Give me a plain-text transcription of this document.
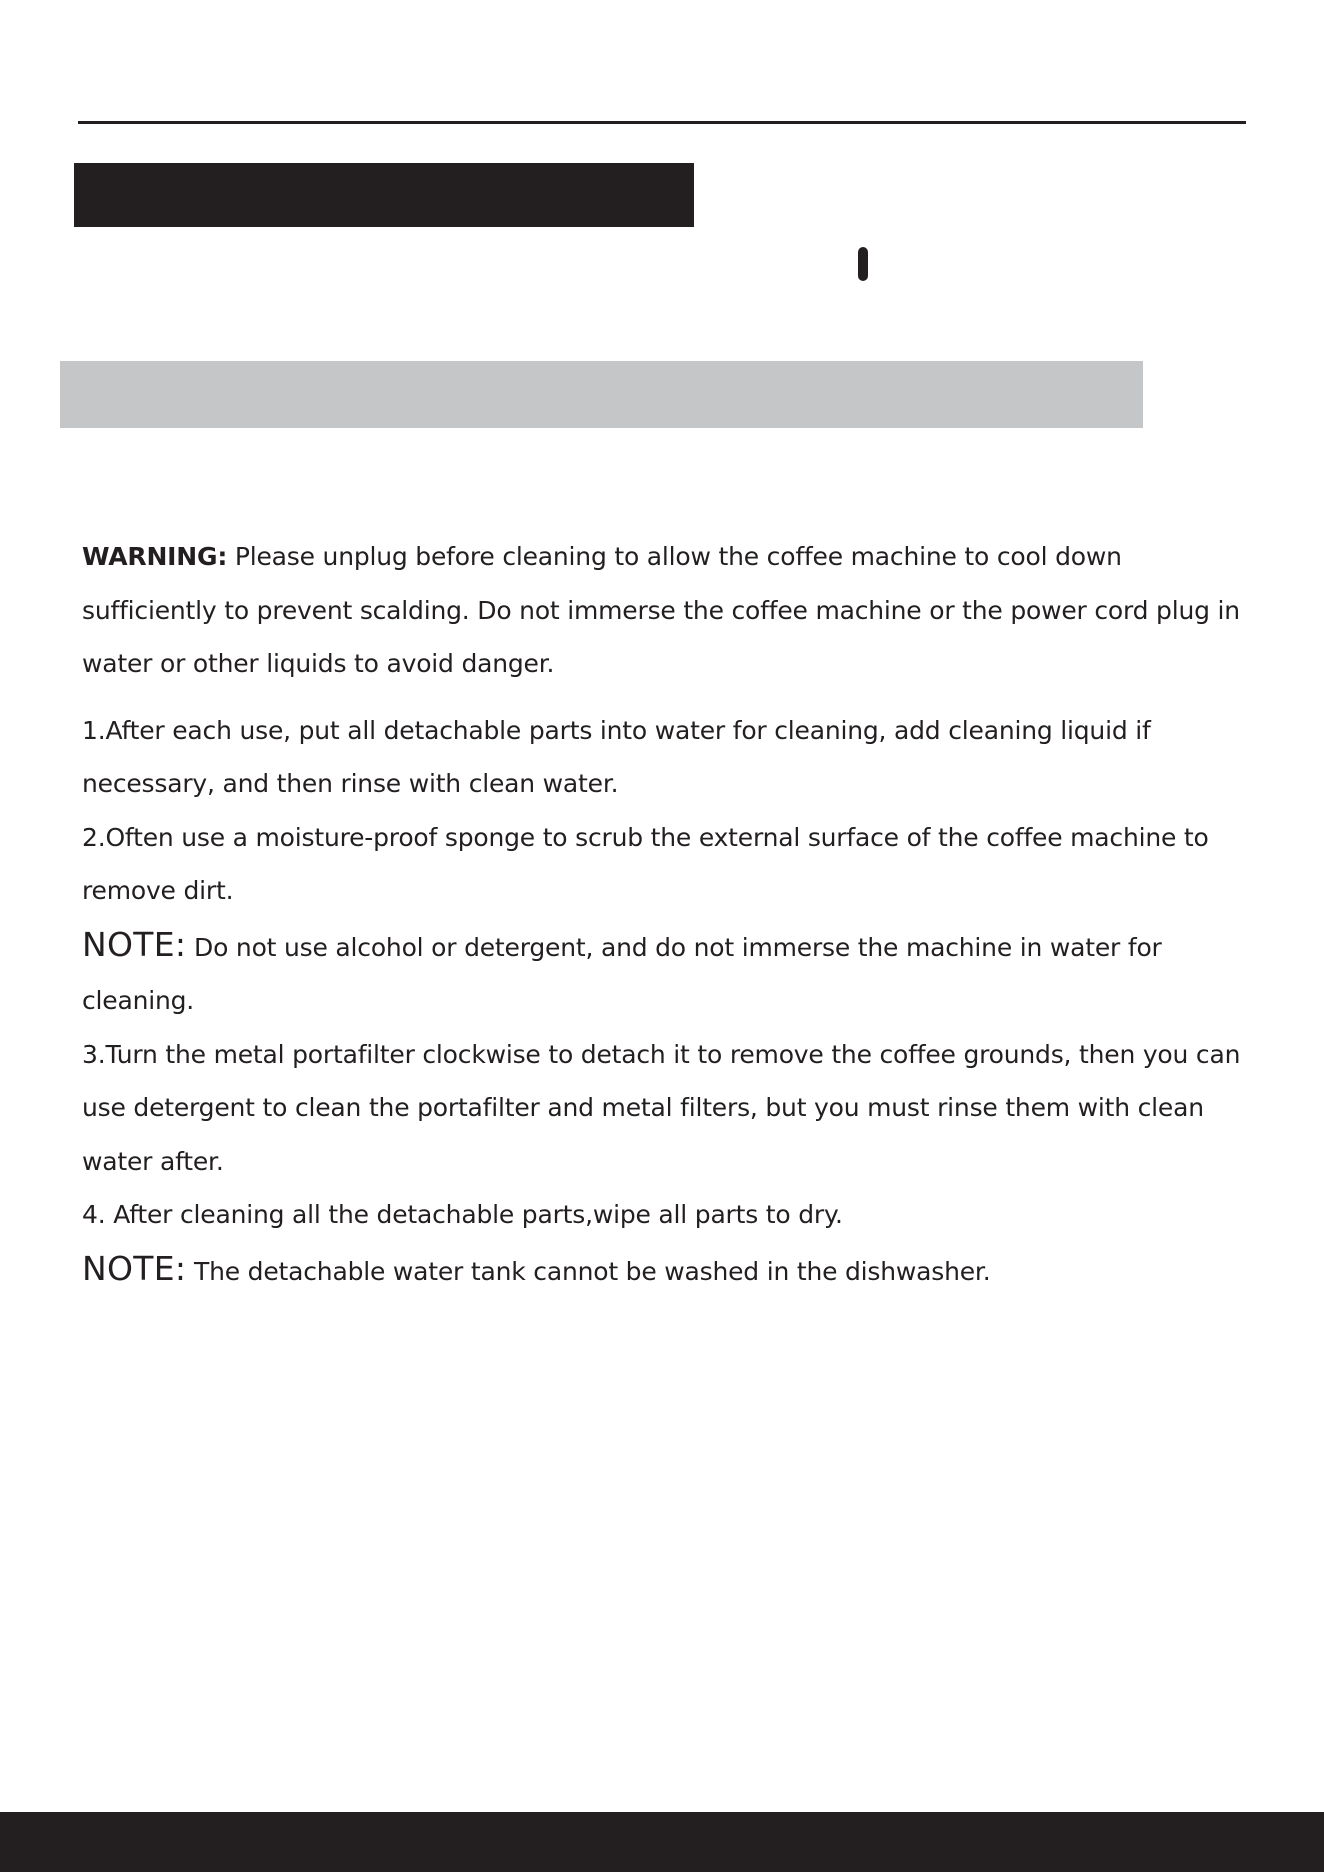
WARNING: Please unplug before cleaning to allow the coffee machine to cool down sufficiently to prevent scalding. Do not immerse the coffee machine or the power cord plug in water or other liquids to avoid danger.

1.After each use, put all detachable parts into water for cleaning, add cleaning liquid if necessary, and then rinse with clean water.

2.Often use a moisture-proof sponge to scrub the external surface of the coffee machine to remove dirt.

NOTE: Do not use alcohol or detergent, and do not immerse the machine in water for cleaning.

3.Turn the metal portafilter clockwise to detach it to remove the coffee grounds, then you can use detergent to clean the portafilter and metal filters, but you must rinse them with clean water after.

4. After cleaning all the detachable parts,wipe all parts to dry.

NOTE: The detachable water tank cannot be washed in the dishwasher.
